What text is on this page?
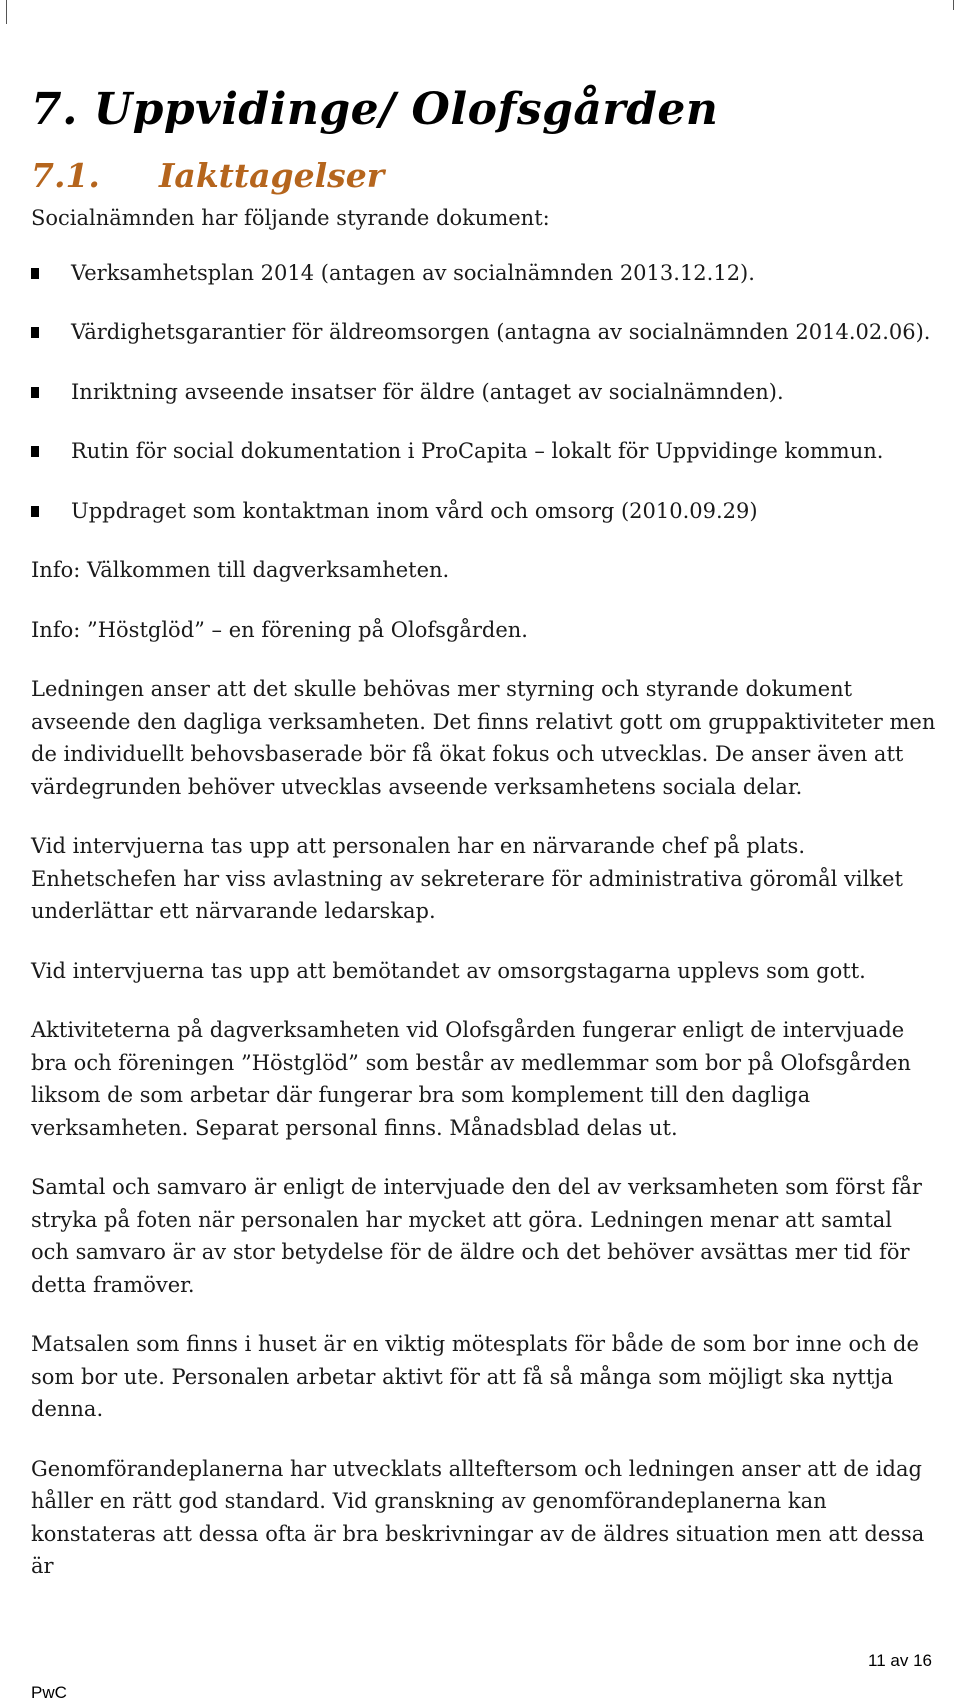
7. Uppvidinge/ Olofsgården
7.1. Iakttagelser

Socialnämnden har följande styrande dokument:

Verksamhetsplan 2014 (antagen av socialnämnden 2013.12.12).
Värdighetsgarantier för äldreomsorgen (antagna av socialnämnden 2014.02.06).
Inriktning avseende insatser för äldre (antaget av socialnämnden).
Rutin för social dokumentation i ProCapita – lokalt för Uppvidinge kommun.
Uppdraget som kontaktman inom vård och omsorg (2010.09.29)

Info: Välkommen till dagverksamheten.

Info: ”Höstglöd” – en förening på Olofsgården.

Ledningen anser att det skulle behövas mer styrning och styrande dokument avseende den dagliga verksamheten. Det finns relativt gott om gruppaktiviteter men de individuellt behovsbaserade bör få ökat fokus och utvecklas. De anser även att värdegrunden behöver utvecklas avseende verksamhetens sociala delar.

Vid intervjuerna tas upp att personalen har en närvarande chef på plats. Enhetschefen har viss avlastning av sekreterare för administrativa göromål vilket underlättar ett närvarande ledarskap.

Vid intervjuerna tas upp att bemötandet av omsorgstagarna upplevs som gott.

Aktiviteterna på dagverksamheten vid Olofsgården fungerar enligt de intervjuade bra och föreningen ”Höstglöd” som består av medlemmar som bor på Olofsgården liksom de som arbetar där fungerar bra som komplement till den dagliga verksamheten. Separat personal finns. Månadsblad delas ut.

Samtal och samvaro är enligt de intervjuade den del av verksamheten som först får stryka på foten när personalen har mycket att göra. Ledningen menar att samtal och samvaro är av stor betydelse för de äldre och det behöver avsättas mer tid för detta framöver.

Matsalen som finns i huset är en viktig mötesplats för både de som bor inne och de som bor ute. Personalen arbetar aktivt för att få så många som möjligt ska nyttja denna.

Genomförandeplanerna har utvecklats allteftersom och ledningen anser att de idag håller en rätt god standard. Vid granskning av genomförandeplanerna kan konstateras att dessa ofta är bra beskrivningar av de äldres situation men att dessa är

11 av 16
PwC
